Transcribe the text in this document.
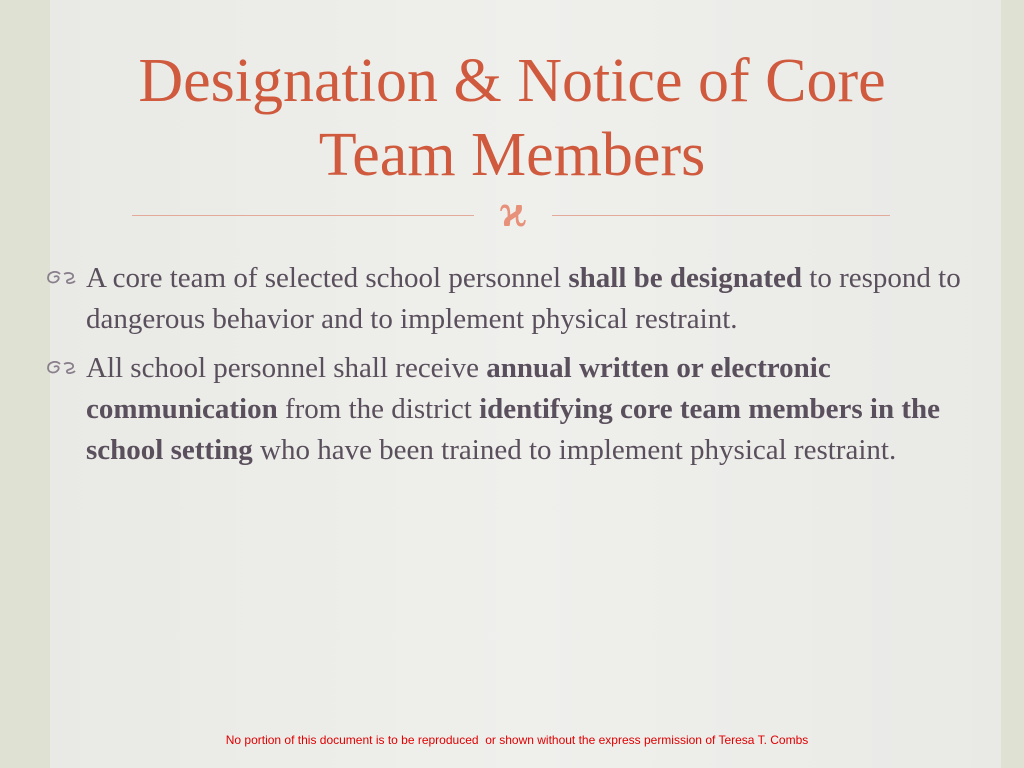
Designation & Notice of Core
Team Members
ϰ
A core team of selected school personnel shall be designated to respond to dangerous behavior and to implement physical restraint.
All school personnel shall receive annual written or electronic communication from the district identifying core team members in the school setting who have been trained to implement physical restraint.
No portion of this document is to be reproduced  or shown without the express permission of Teresa T. Combs
